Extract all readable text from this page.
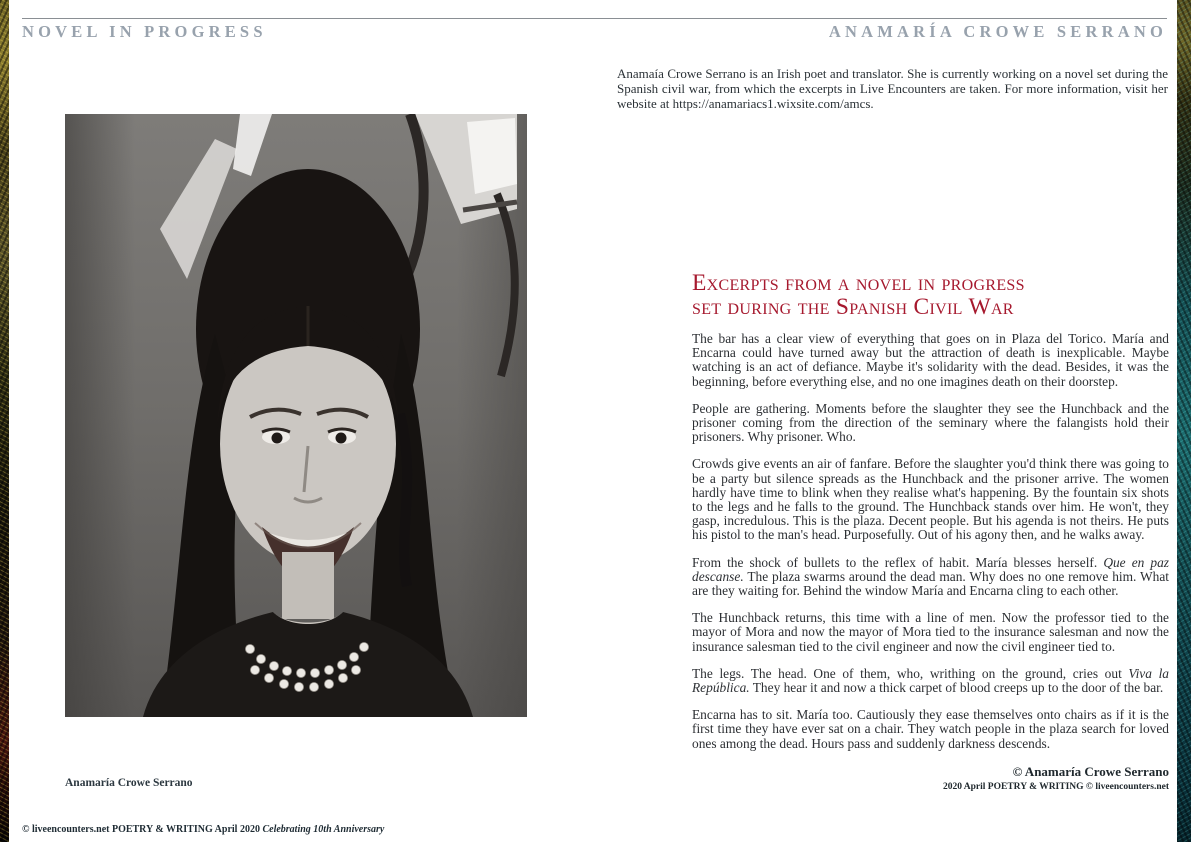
NOVEL IN PROGRESS	ANAMARÍA CROWE SERRANO

Anamaía Crowe Serrano is an Irish poet and translator. She is currently working on a novel set during the Spanish civil war, from which the excerpts in Live Encounters are taken. For more information, visit her website at https://anamariacs1.wixsite.com/amcs.

Anamaría Crowe Serrano
Excerpts from a novel in progress
set during the Spanish Civil War

The bar has a clear view of everything that goes on in Plaza del Torico. María and Encarna could have turned away but the attraction of death is inexplicable. Maybe watching is an act of defiance. Maybe it's solidarity with the dead. Besides, it was the beginning, before everything else, and no one imagines death on their doorstep.

People are gathering. Moments before the slaughter they see the Hunchback and the prisoner coming from the direction of the seminary where the falangists hold their prisoners. Why prisoner. Who.

Crowds give events an air of fanfare. Before the slaughter you'd think there was going to be a party but silence spreads as the Hunchback and the prisoner arrive. The women hardly have time to blink when they realise what's happening. By the fountain six shots to the legs and he falls to the ground. The Hunchback stands over him. He won't, they gasp, incredulous. This is the plaza. Decent people. But his agenda is not theirs. He puts his pistol to the man's head. Purposefully. Out of his agony then, and he walks away.

From the shock of bullets to the reflex of habit. María blesses herself. Que en paz descanse. The plaza swarms around the dead man. Why does no one remove him. What are they waiting for. Behind the window María and Encarna cling to each other.

The Hunchback returns, this time with a line of men. Now the professor tied to the mayor of Mora and now the mayor of Mora tied to the insurance salesman and now the insurance salesman tied to the civil engineer and now the civil engineer tied to.

The legs. The head. One of them, who, writhing on the ground, cries out Viva la República. They hear it and now a thick carpet of blood creeps up to the door of the bar.

Encarna has to sit. María too. Cautiously they ease themselves onto chairs as if it is the first time they have ever sat on a chair. They watch people in the plaza search for loved ones among the dead. Hours pass and suddenly darkness descends.

© Anamaría Crowe Serrano
2020 April POETRY & WRITING © liveencounters.net
© liveencounters.net POETRY & WRITING April 2020 Celebrating 10th Anniversary
